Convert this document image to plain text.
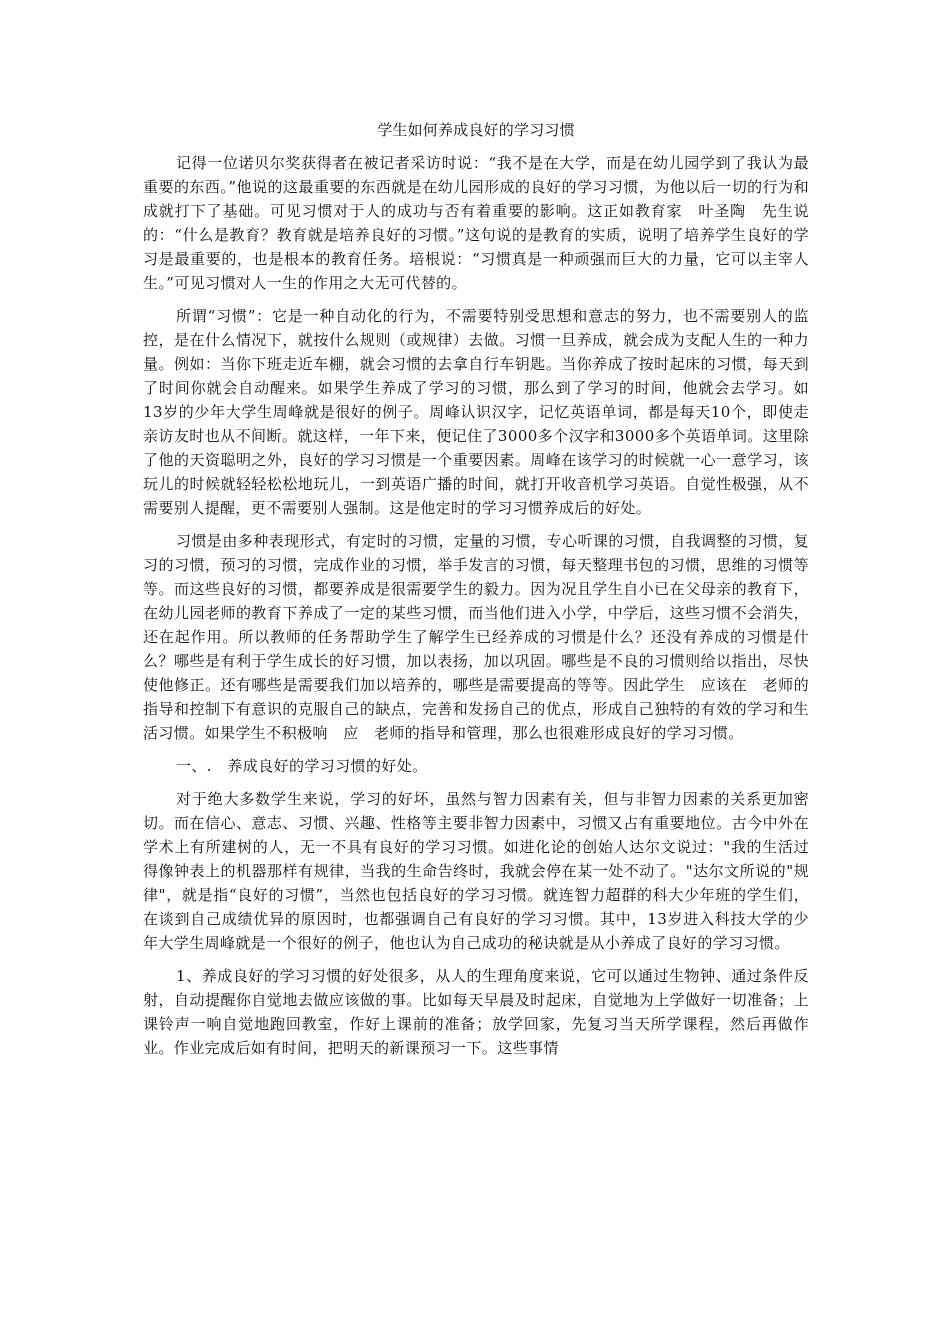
学生如何养成良好的学习习惯

记得一位诺贝尔奖获得者在被记者采访时说：“我不是在大学，而是在幼儿园学到了我认为最重要的东西。”他说的这最重要的东西就是在幼儿园形成的良好的学习习惯，为他以后一切的行为和成就打下了基础。可见习惯对于人的成功与否有着重要的影响。这正如教育家　叶圣陶　先生说的：“什么是教育？教育就是培养良好的习惯。”这句说的是教育的实质，说明了培养学生良好的学习是最重要的，也是根本的教育任务。培根说：“习惯真是一种顽强而巨大的力量，它可以主宰人生。”可见习惯对人一生的作用之大无可代替的。

所谓“习惯”：它是一种自动化的行为，不需要特别受思想和意志的努力，也不需要别人的监控，是在什么情况下，就按什么规则（或规律）去做。习惯一旦养成，就会成为支配人生的一种力量。例如：当你下班走近车棚，就会习惯的去拿自行车钥匙。当你养成了按时起床的习惯，每天到了时间你就会自动醒来。如果学生养成了学习的习惯，那么到了学习的时间，他就会去学习。如13岁的少年大学生周峰就是很好的例子。周峰认识汉字，记忆英语单词，都是每天10个，即使走亲访友时也从不间断。就这样，一年下来，便记住了3000多个汉字和3000多个英语单词。这里除了他的天资聪明之外，良好的学习习惯是一个重要因素。周峰在该学习的时候就一心一意学习，该玩儿的时候就轻轻松松地玩儿，一到英语广播的时间，就打开收音机学习英语。自觉性极强，从不需要别人提醒，更不需要别人强制。这是他定时的学习习惯养成后的好处。

习惯是由多种表现形式，有定时的习惯，定量的习惯，专心听课的习惯，自我调整的习惯，复习的习惯，预习的习惯，完成作业的习惯，举手发言的习惯，每天整理书包的习惯，思维的习惯等等。而这些良好的习惯，都要养成是很需要学生的毅力。因为况且学生自小已在父母亲的教育下，在幼儿园老师的教育下养成了一定的某些习惯，而当他们进入小学，中学后，这些习惯不会消失，还在起作用。所以教师的任务帮助学生了解学生已经养成的习惯是什么？还没有养成的习惯是什么？哪些是有利于学生成长的好习惯，加以表扬，加以巩固。哪些是不良的习惯则给以指出，尽快使他修正。还有哪些是需要我们加以培养的，哪些是需要提高的等等。因此学生　应该在　老师的指导和控制下有意识的克服自己的缺点，完善和发扬自己的优点，形成自己独特的有效的学习和生活习惯。如果学生不积极响　应　老师的指导和管理，那么也很难形成良好的学习习惯。

一、.　养成良好的学习习惯的好处。

对于绝大多数学生来说，学习的好坏，虽然与智力因素有关，但与非智力因素的关系更加密切。而在信心、意志、习惯、兴趣、性格等主要非智力因素中，习惯又占有重要地位。古今中外在学术上有所建树的人，无一不具有良好的学习习惯。如进化论的创始人达尔文说过："我的生活过得像钟表上的机器那样有规律，当我的生命告终时，我就会停在某一处不动了。"达尔文所说的"规律"，就是指“良好的习惯”，当然也包括良好的学习习惯。就连智力超群的科大少年班的学生们，在谈到自己成绩优异的原因时，也都强调自己有良好的学习习惯。其中，13岁进入科技大学的少年大学生周峰就是一个很好的例子，他也认为自己成功的秘诀就是从小养成了良好的学习习惯。

1、养成良好的学习习惯的好处很多，从人的生理角度来说，它可以通过生物钟、通过条件反射，自动提醒你自觉地去做应该做的事。比如每天早晨及时起床，自觉地为上学做好一切准备；上课铃声一响自觉地跑回教室，作好上课前的准备；放学回家，先复习当天所学课程，然后再做作业。作业完成后如有时间，把明天的新课预习一下。这些事情
